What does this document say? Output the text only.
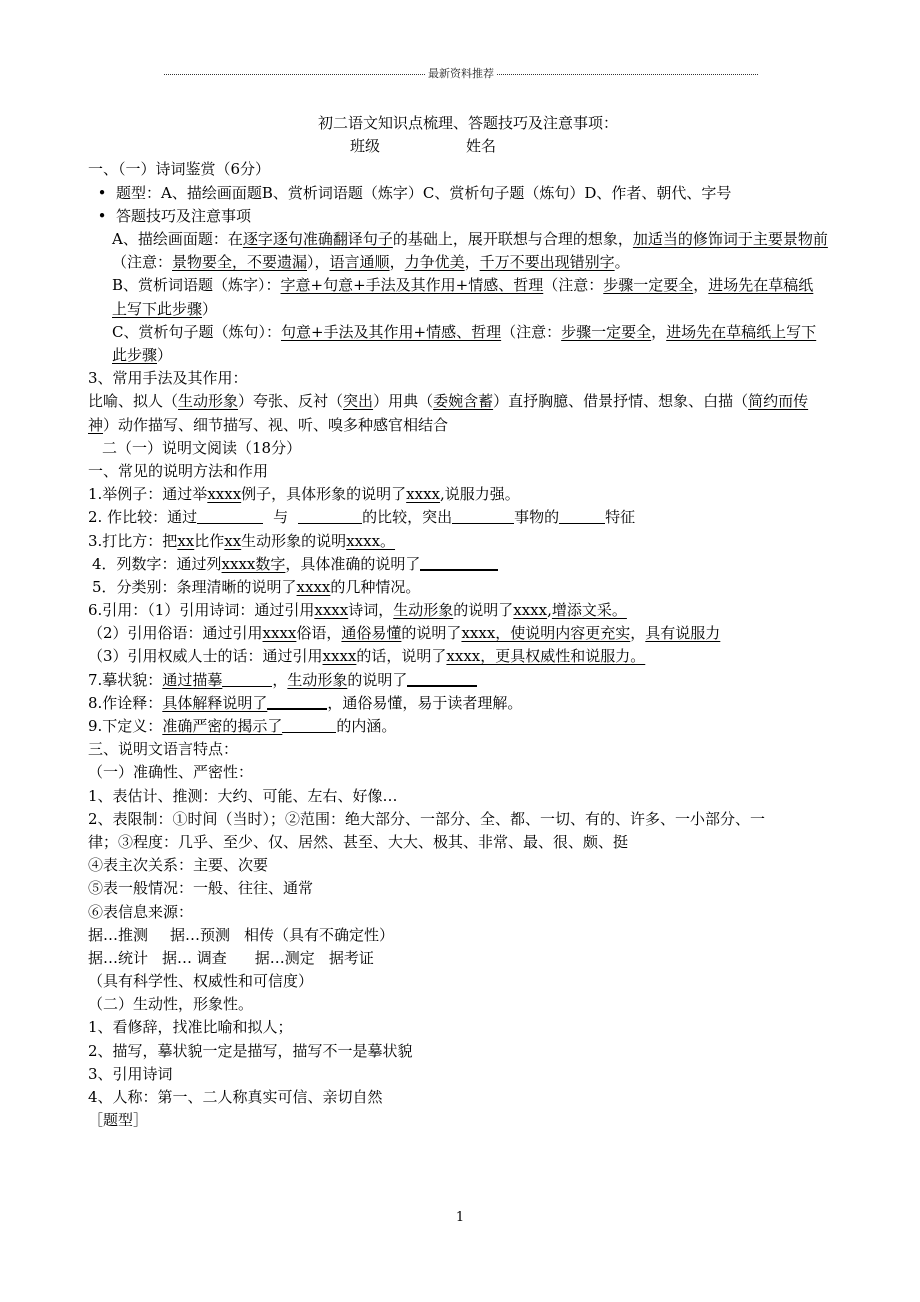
最新资料推荐
初二语文知识点梳理、答题技巧及注意事项：
班级	姓名
一、（一）诗词鉴赏（6分）
• 题型：A、描绘画面题B、赏析词语题（炼字）C、赏析句子题（炼句）D、作者、朝代、字号
• 答题技巧及注意事项
A、描绘画面题：在逐字逐句准确翻译句子的基础上，展开联想与合理的想象，加适当的修饰词于主要景物前（注意：景物要全，不要遗漏），语言通顺，力争优美，千万不要出现错别字。
B、赏析词语题（炼字）：字意+句意+手法及其作用+情感、哲理（注意：步骤一定要全，进场先在草稿纸上写下此步骤）
C、赏析句子题（炼句）：句意+手法及其作用+情感、哲理（注意：步骤一定要全，进场先在草稿纸上写下此步骤）
3、常用手法及其作用：
比喻、拟人（生动形象）夸张、反衬（突出）用典（委婉含蓄）直抒胸臆、借景抒情、想象、白描（简约而传神）动作描写、细节描写、视、听、嗅多种感官相结合
二（一）说明文阅读（18分）
一、常见的说明方法和作用
1.举例子：通过举xxxx例子，具体形象的说明了xxxx,说服力强。
2. 作比较：通过	与	的比较，突出	事物的	特征
3.打比方：把xx比作xx生动形象的说明xxxx。
4．列数字：通过列xxxx数字，具体准确的说明了
5．分类别：条理清晰的说明了xxxx的几种情况。
6.引用：（1）引用诗词：通过引用xxxx诗词，生动形象的说明了xxxx,增添文采。
（2）引用俗语：通过引用xxxx俗语，通俗易懂的说明了xxxx，使说明内容更充实，具有说服力
（3）引用权威人士的话：通过引用xxxx的话，说明了xxxx，更具权威性和说服力。
7.摹状貌：通过描摹	，生动形象的说明了
8.作诠释：具体解释说明了	，通俗易懂，易于读者理解。
9.下定义：准确严密的揭示了	的内涵。
三、说明文语言特点：
（一）准确性、严密性：
1、表估计、推测：大约、可能、左右、好像…
2、表限制：①时间（当时）；②范围：绝大部分、一部分、全、都、一切、有的、许多、一小部分、一
律；③程度：几乎、至少、仅、居然、甚至、大大、极其、非常、最、很、颇、挺
④表主次关系：主要、次要
⑤表一般情况：一般、往往、通常
⑥表信息来源：
据…推测 据…预测 相传（具有不确定性）
据…统计 据… 调查 据…测定 据考证
（具有科学性、权威性和可信度）
（二）生动性，形象性。
1、看修辞，找准比喻和拟人；
2、描写，摹状貌一定是描写，描写不一是摹状貌
3、引用诗词
4、人称：第一、二人称真实可信、亲切自然
［题型］
1
